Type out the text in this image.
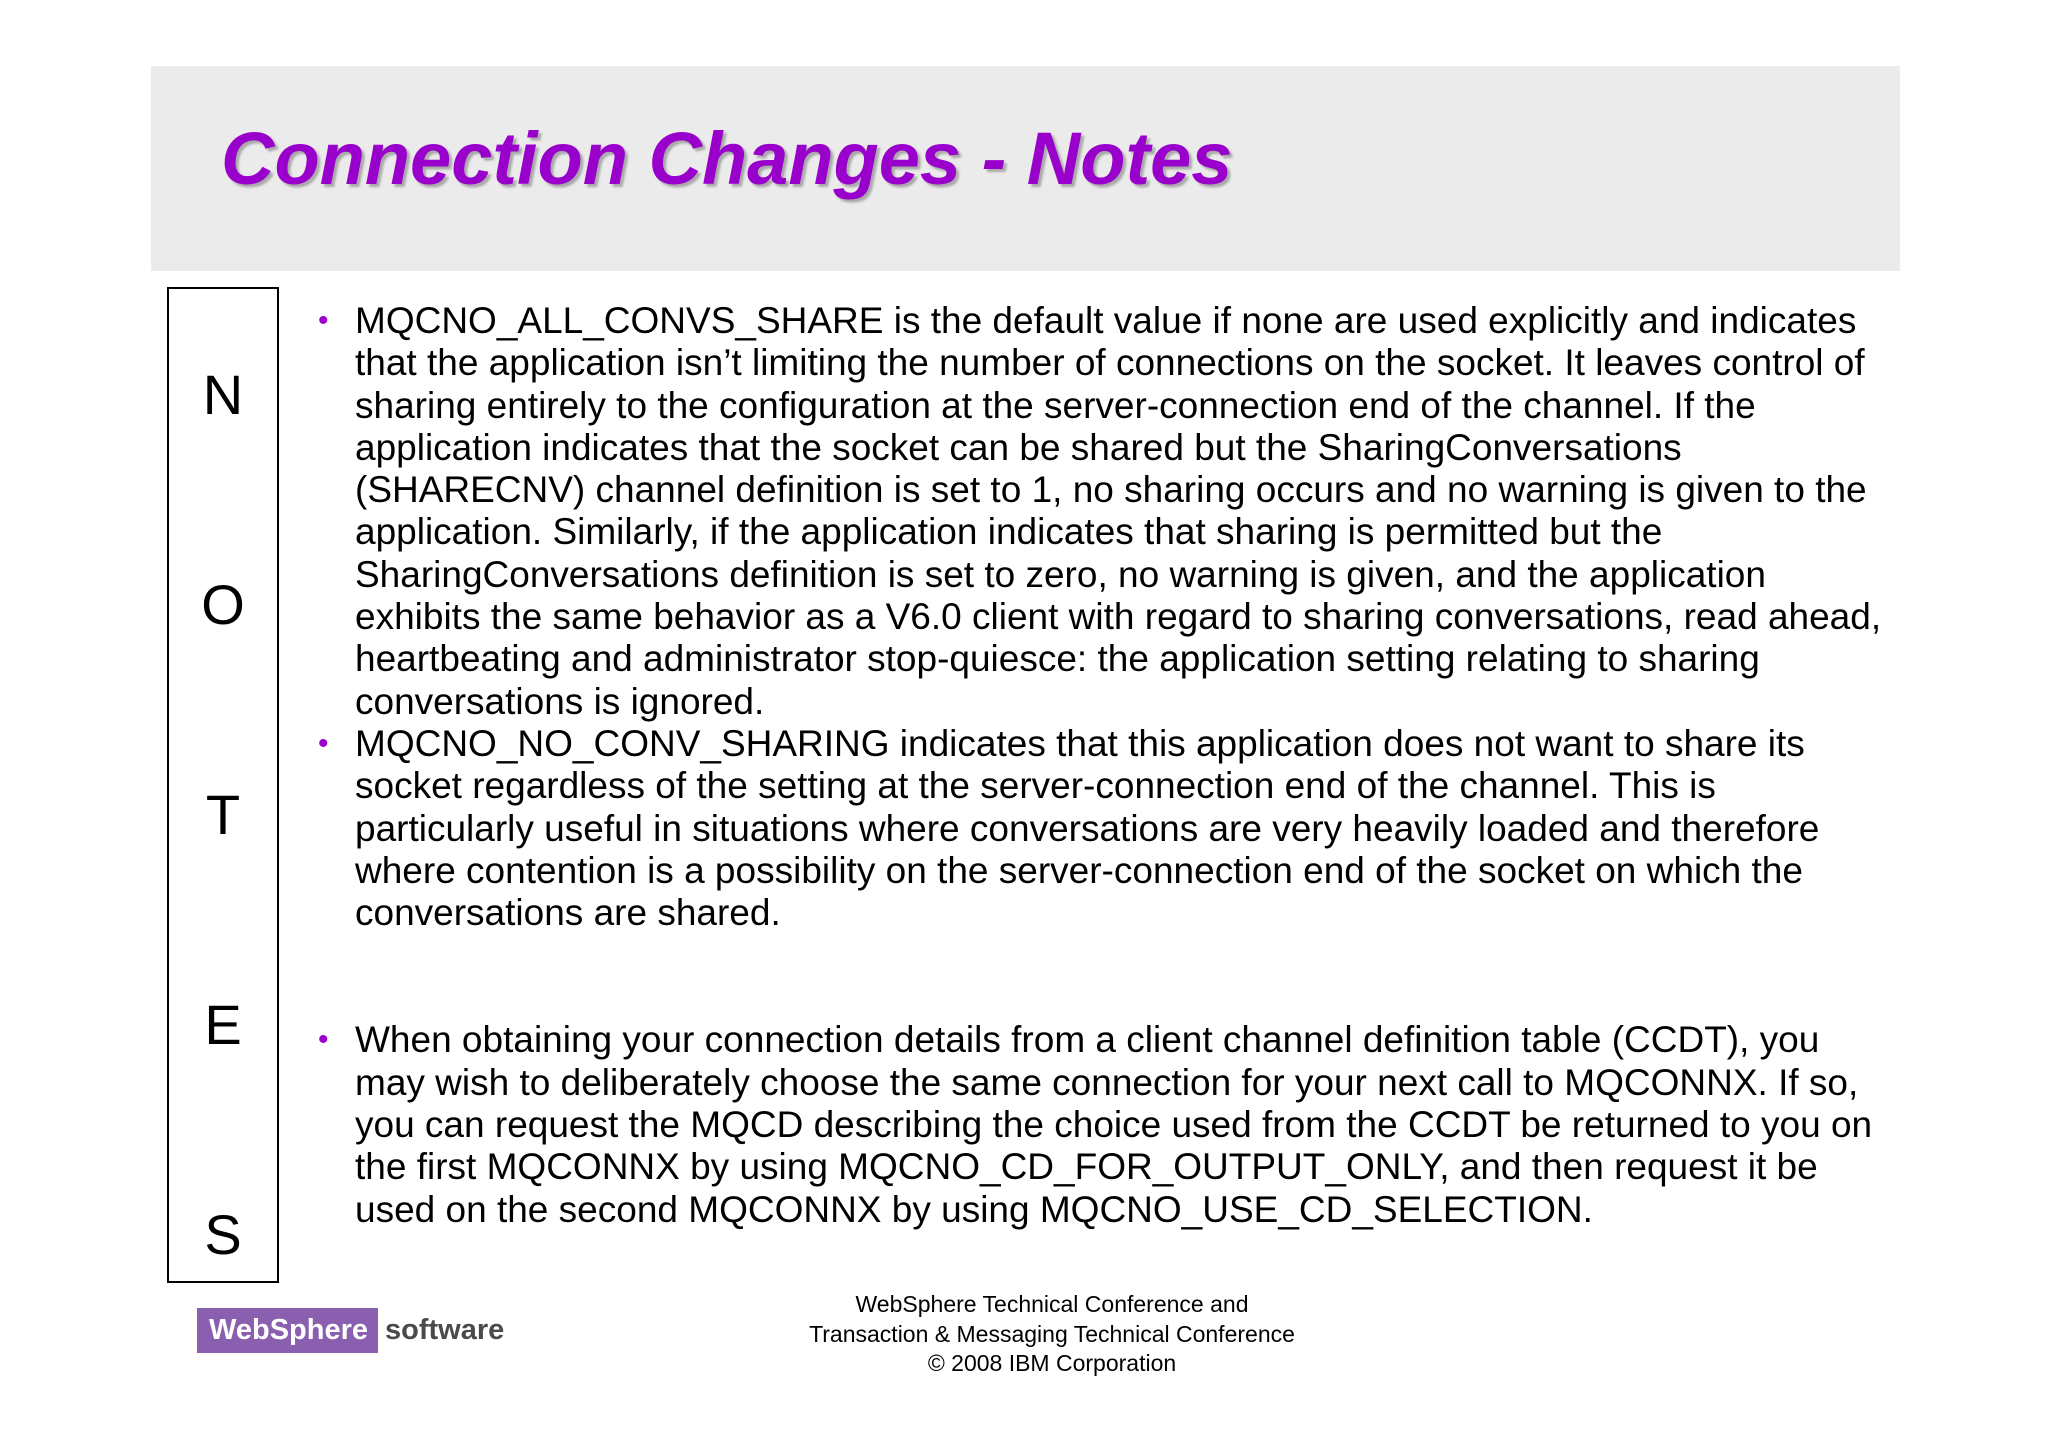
Connection Changes - Notes
N
O
T
E
S
• MQCNO_ALL_CONVS_SHARE is the default value if none are used explicitly and indicates that the application isn’t limiting the number of connections on the socket. It leaves control of sharing entirely to the configuration at the server-connection end of the channel. If the application indicates that the socket can be shared but the SharingConversations (SHARECNV) channel definition is set to 1, no sharing occurs and no warning is given to the application. Similarly, if the application indicates that sharing is permitted but the SharingConversations definition is set to zero, no warning is given, and the application exhibits the same behavior as a V6.0 client with regard to sharing conversations, read ahead, heartbeating and administrator stop-quiesce: the application setting relating to sharing conversations is ignored.
• MQCNO_NO_CONV_SHARING indicates that this application does not want to share its socket regardless of the setting at the server-connection end of the channel. This is particularly useful in situations where conversations are very heavily loaded and therefore where contention is a possibility on the server-connection end of the socket on which the conversations are shared.
• When obtaining your connection details from a client channel definition table (CCDT), you may wish to deliberately choose the same connection for your next call to MQCONNX. If so, you can request the MQCD describing the choice used from the CCDT be returned to you on the first MQCONNX by using MQCNO_CD_FOR_OUTPUT_ONLY, and then request it be used on the second MQCONNX by using MQCNO_USE_CD_SELECTION.
WebSphere software
WebSphere Technical Conference and
Transaction & Messaging Technical Conference
© 2008 IBM Corporation
